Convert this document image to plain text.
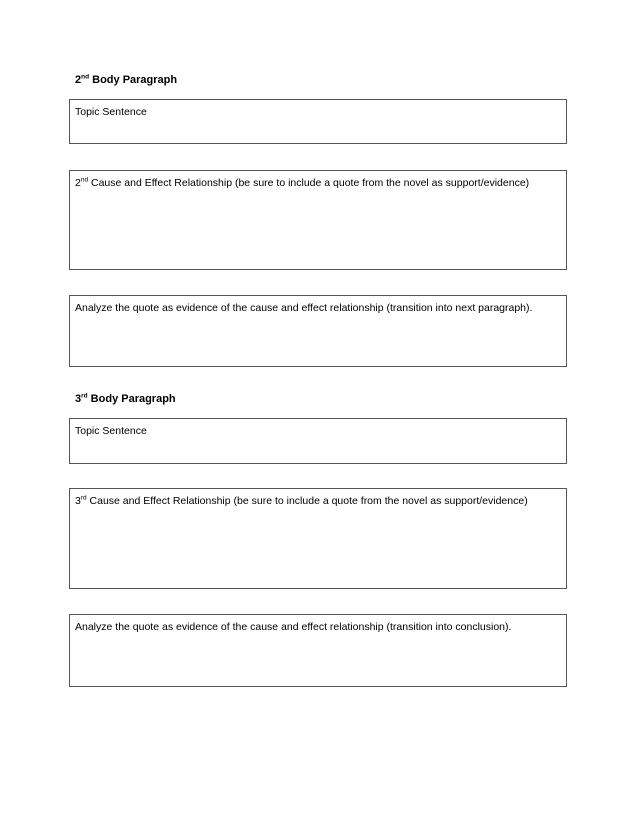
2nd Body Paragraph
Topic Sentence
2nd Cause and Effect Relationship (be sure to include a quote from the novel as support/evidence)
Analyze the quote as evidence of the cause and effect relationship (transition into next paragraph).
3rd Body Paragraph
Topic Sentence
3rd Cause and Effect Relationship (be sure to include a quote from the novel as support/evidence)
Analyze the quote as evidence of the cause and effect relationship (transition into conclusion).
